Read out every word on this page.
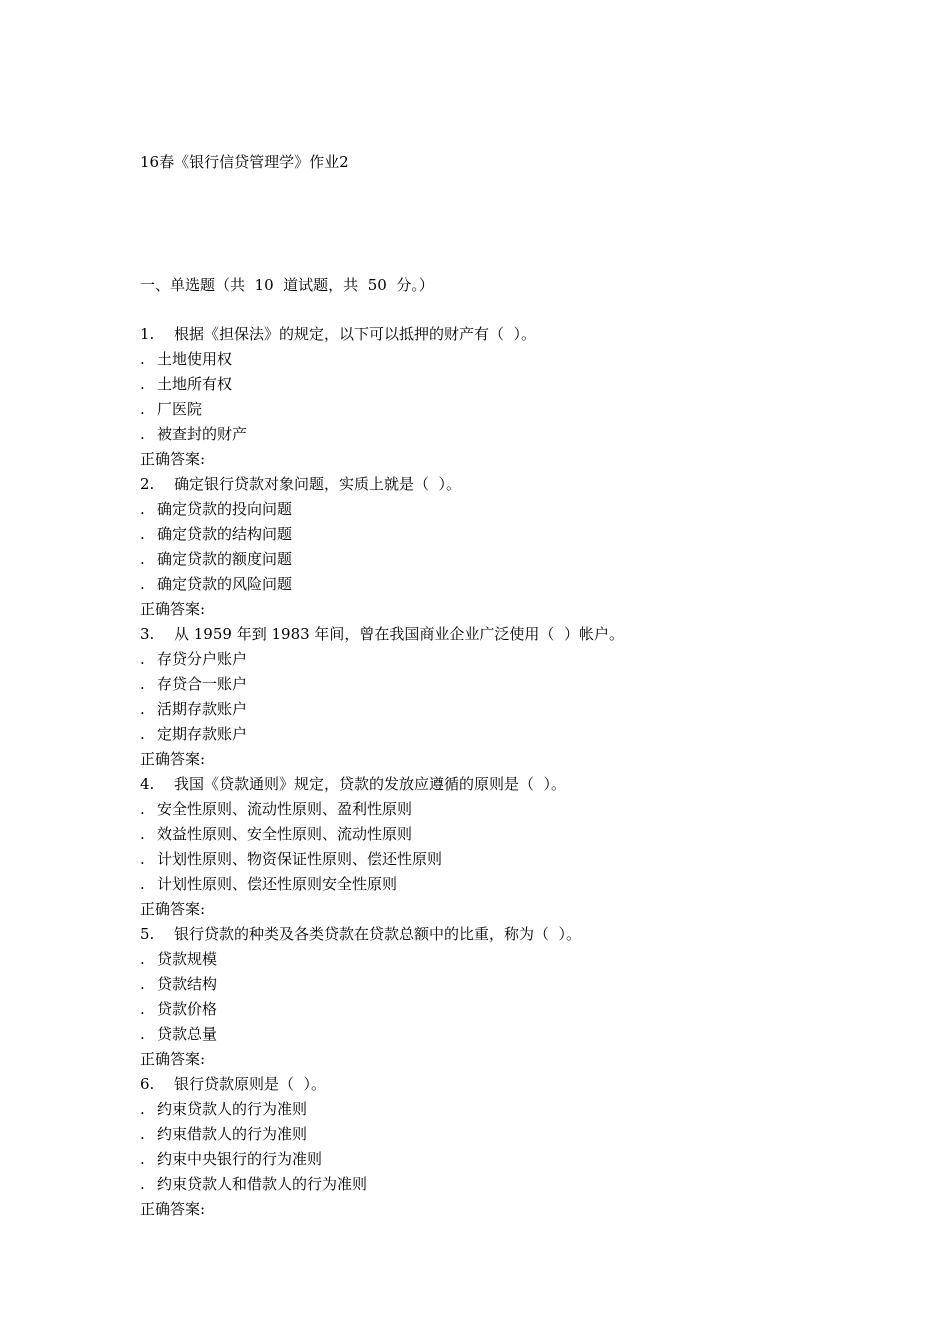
16春《银行信贷管理学》作业2
一、单选题（共  10  道试题，共  50  分。）
1. 根据《担保法》的规定，以下可以抵押的财产有（  ）。
. 土地使用权
. 土地所有权
. 厂医院
. 被查封的财产
正确答案:
2. 确定银行贷款对象问题，实质上就是（  ）。
. 确定贷款的投向问题
. 确定贷款的结构问题
. 确定贷款的额度问题
. 确定贷款的风险问题
正确答案:
3. 从 1959 年到 1983 年间，曾在我国商业企业广泛使用（  ）帐户。
. 存贷分户账户
. 存贷合一账户
. 活期存款账户
. 定期存款账户
正确答案:
4. 我国《贷款通则》规定，贷款的发放应遵循的原则是（  ）。
. 安全性原则、流动性原则、盈利性原则
. 效益性原则、安全性原则、流动性原则
. 计划性原则、物资保证性原则、偿还性原则
. 计划性原则、偿还性原则安全性原则
正确答案:
5. 银行贷款的种类及各类贷款在贷款总额中的比重，称为（  ）。
. 贷款规模
. 贷款结构
. 贷款价格
. 贷款总量
正确答案:
6. 银行贷款原则是（  ）。
. 约束贷款人的行为准则
. 约束借款人的行为准则
. 约束中央银行的行为准则
. 约束贷款人和借款人的行为准则
正确答案:
